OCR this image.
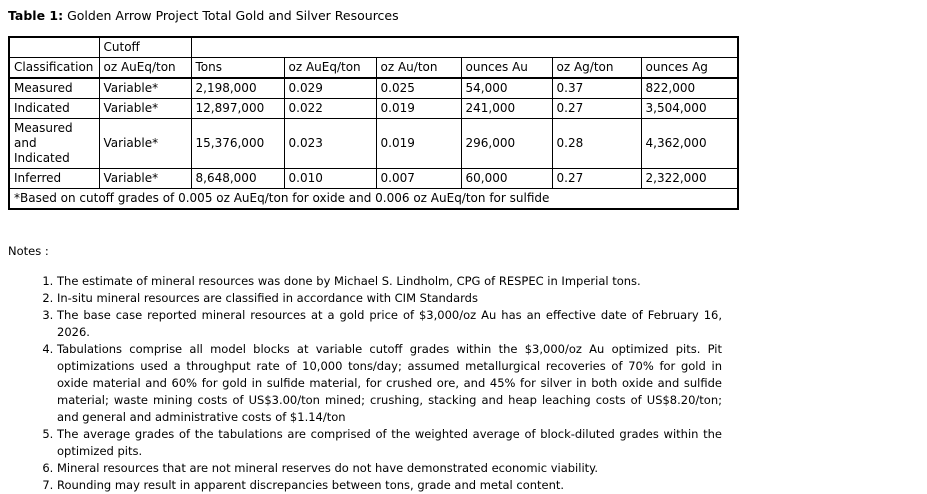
Table 1: Golden Arrow Project Total Gold and Silver Resources
	Cutoff						
Classification	oz AuEq/ton	Tons	oz AuEq/ton	oz Au/ton	ounces Au	oz Ag/ton	ounces Ag
Measured	Variable*	2,198,000	0.029	0.025	54,000	0.37	822,000
Indicated	Variable*	12,897,000	0.022	0.019	241,000	0.27	3,504,000
Measured and Indicated	Variable*	15,376,000	0.023	0.019	296,000	0.28	4,362,000
Inferred	Variable*	8,648,000	0.010	0.007	60,000	0.27	2,322,000
*Based on cutoff grades of 0.005 oz AuEq/ton for oxide and 0.006 oz AuEq/ton for sulfide							
Notes :
1. The estimate of mineral resources was done by Michael S. Lindholm, CPG of RESPEC in Imperial tons.
2. In-situ mineral resources are classified in accordance with CIM Standards
3. The base case reported mineral resources at a gold price of $3,000/oz Au has an effective date of February 16, 2026.
4. Tabulations comprise all model blocks at variable cutoff grades within the $3,000/oz Au optimized pits. Pit optimizations used a throughput rate of 10,000 tons/day; assumed metallurgical recoveries of 70% for gold in oxide material and 60% for gold in sulfide material, for crushed ore, and 45% for silver in both oxide and sulfide material; waste mining costs of US$3.00/ton mined; crushing, stacking and heap leaching costs of US$8.20/ton; and general and administrative costs of $1.14/ton
5. The average grades of the tabulations are comprised of the weighted average of block-diluted grades within the optimized pits.
6. Mineral resources that are not mineral reserves do not have demonstrated economic viability.
7. Rounding may result in apparent discrepancies between tons, grade and metal content.
